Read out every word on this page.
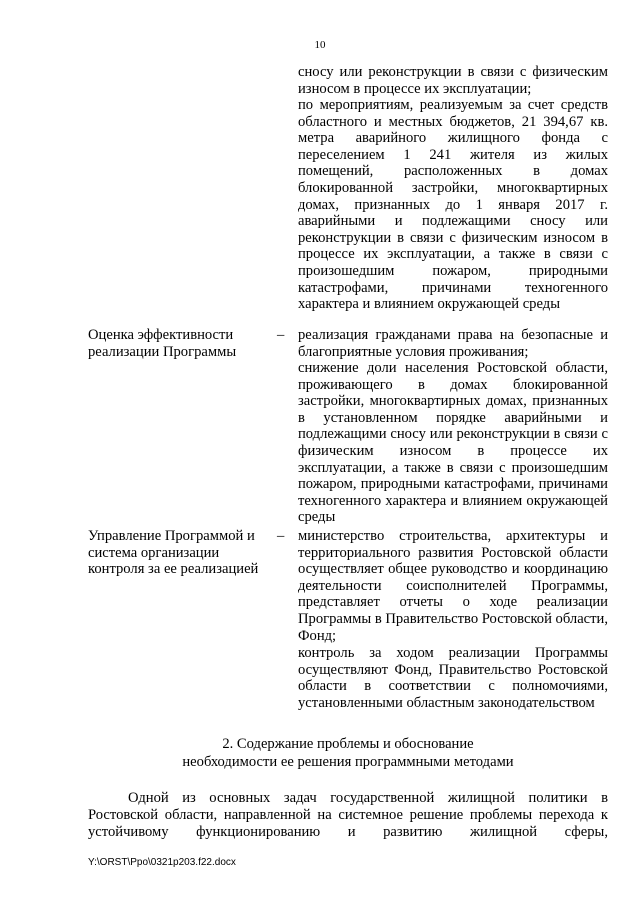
10

сносу или реконструкции в связи с физическим износом в процессе их эксплуатации;

по мероприятиям, реализуемым за счет средств областного и местных бюджетов, 21 394,67 кв. метра аварийного жилищного фонда с переселением 1 241 жителя из жилых помещений, расположенных в домах блокированной застройки, многоквартирных домах, признанных до 1 января 2017 г. аварийными и подлежащими сносу или реконструкции в связи с физическим износом в процессе их эксплуатации, а также в связи с произошедшим пожаром, природными катастрофами, причинами техногенного характера и влиянием окружающей среды

Оценка эффективности реализации Программы

– реализация гражданами права на безопасные и благоприятные условия проживания;

снижение доли населения Ростовской области, проживающего в домах блокированной застройки, многоквартирных домах, признанных в установленном порядке аварийными и подлежащими сносу или реконструкции в связи с физическим износом в процессе их эксплуатации, а также в связи с произошедшим пожаром, природными катастрофами, причинами техногенного характера и влиянием окружающей среды

Управление Программой и система организации контроля за ее реализацией

– министерство строительства, архитектуры и территориального развития Ростовской области осуществляет общее руководство и координацию деятельности соисполнителей Программы, представляет отчеты о ходе реализации Программы в Правительство Ростовской области, Фонд;

контроль за ходом реализации Программы осуществляют Фонд, Правительство Ростовской области в соответствии с полномочиями, установленными областным законодательством

2. Содержание проблемы и обоснование

необходимости ее решения программными методами

Одной из основных задач государственной жилищной политики в Ростовской области, направленной на системное решение проблемы перехода к устойчивому функционированию и развитию жилищной сферы,

Y:\ORST\Ppo\0321p203.f22.docx
